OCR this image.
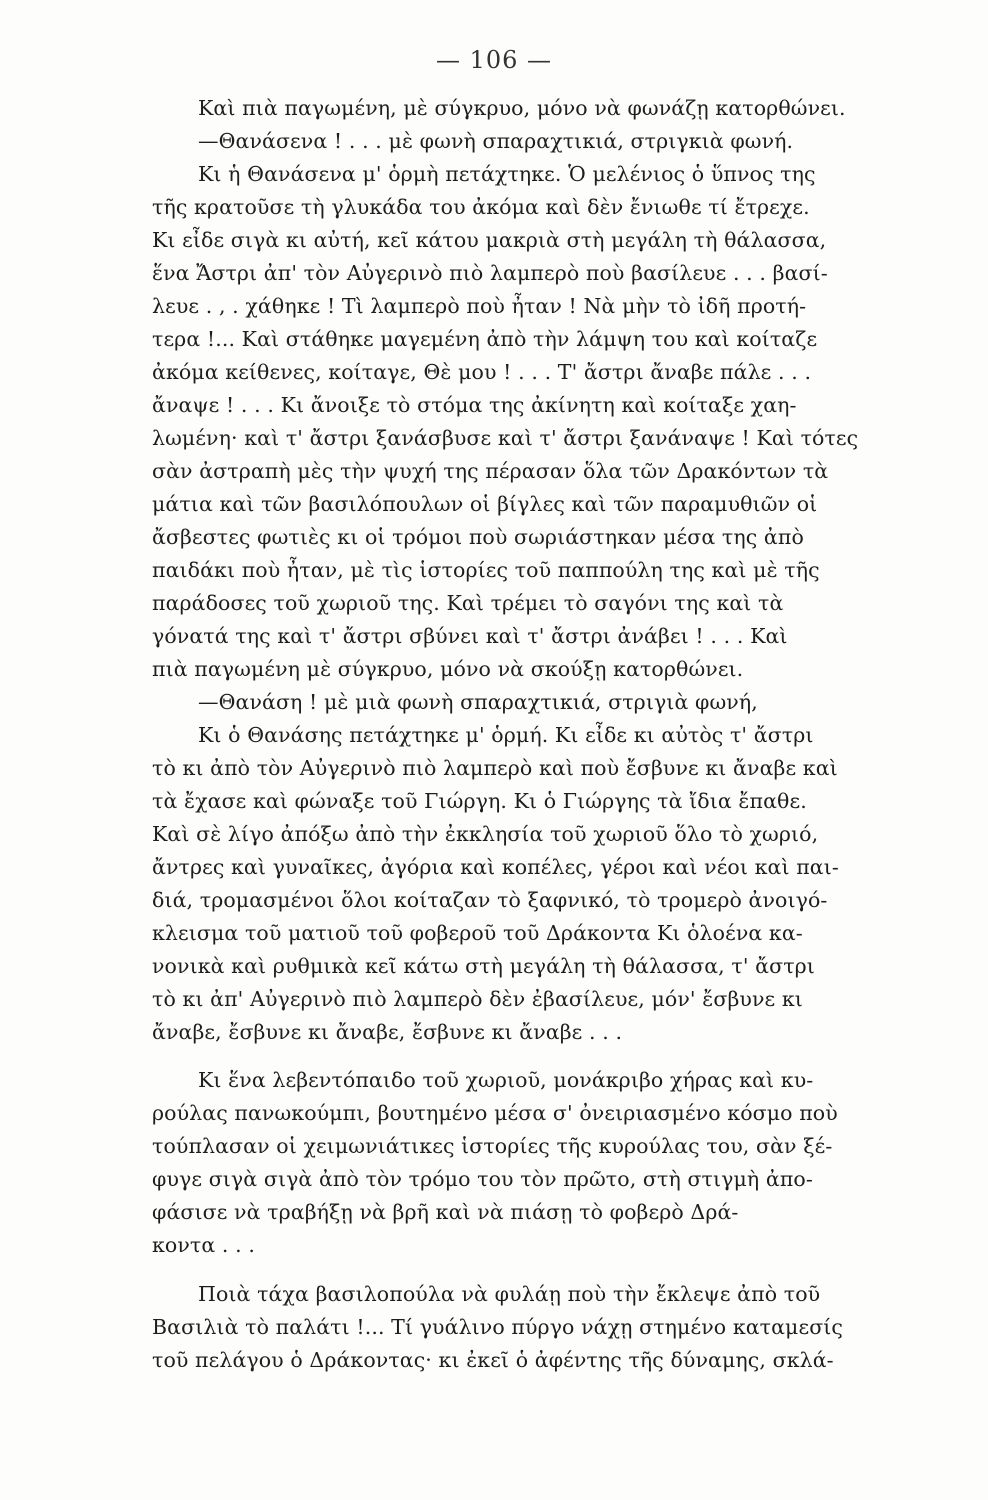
— 106 —
Καὶ πιὰ παγωμένη, μὲ σύγκρυο, μόνο νὰ φωνάζῃ κατορθώνει.
—Θανάσενα ! . . . μὲ φωνὴ σπαραχτικιά, στριγκιὰ φωνή.
Κι ἡ Θανάσενα μ' ὁρμὴ πετάχτηκε. Ὁ μελένιος ὁ ὕπνος της
τῆς κρατοῦσε τὴ γλυκάδα του ἀκόμα καὶ δὲν ἔνιωθε τί ἔτρεχε.
Κι εἶδε σιγὰ κι αὐτή, κεῖ κάτου μακριὰ στὴ μεγάλη τὴ θάλασσα,
ἕνα Ἄστρι ἀπ' τὸν Αὐγερινὸ πιὸ λαμπερὸ ποὺ βασίλευε . . . βασί-
λευε . , . χάθηκε ! Τὶ λαμπερὸ ποὺ ἦταν ! Νὰ μὴν τὸ ἰδῆ προτή-
τερα !... Καὶ στάθηκε μαγεμένη ἀπὸ τὴν λάμψη του καὶ κοίταζε
ἀκόμα κείθενες, κοίταγε, Θὲ μου ! . . . Τ' ἄστρι ἄναβε πάλε . . .
ἄναψε ! . . . Κι ἄνοιξε τὸ στόμα της ἀκίνητη καὶ κοίταξε χαη-
λωμένη· καὶ τ' ἄστρι ξανάσβυσε καὶ τ' ἄστρι ξανάναψε ! Καὶ τότες
σὰν ἀστραπὴ μὲς τὴν ψυχή της πέρασαν ὅλα τῶν Δρακόντων τὰ
μάτια καὶ τῶν βασιλόπουλων οἱ βίγλες καὶ τῶν παραμυθιῶν οἱ
ἄσβεστες φωτιὲς κι οἱ τρόμοι ποὺ σωριάστηκαν μέσα της ἀπὸ
παιδάκι ποὺ ἦταν, μὲ τὶς ἱστορίες τοῦ παππούλη της καὶ μὲ τῆς
παράδοσες τοῦ χωριοῦ της. Καὶ τρέμει τὸ σαγόνι της καὶ τὰ
γόνατά της καὶ τ' ἄστρι σβύνει καὶ τ' ἄστρι ἀνάβει ! . . . Καὶ
πιὰ παγωμένη μὲ σύγκρυο, μόνο νὰ σκούξῃ κατορθώνει.
—Θανάση ! μὲ μιὰ φωνὴ σπαραχτικιά, στριγιὰ φωνή,
Κι ὁ Θανάσης πετάχτηκε μ' ὁρμή. Κι εἶδε κι αὐτὸς τ' ἄστρι
τὸ κι ἀπὸ τὸν Αὐγερινὸ πιὸ λαμπερὸ καὶ ποὺ ἔσβυνε κι ἄναβε καὶ
τὰ ἔχασε καὶ φώναξε τοῦ Γιώργη. Κι ὁ Γιώργης τὰ ἴδια ἔπαθε.
Καὶ σὲ λίγο ἀπόξω ἀπὸ τὴν ἐκκλησία τοῦ χωριοῦ ὅλο τὸ χωριό,
ἄντρες καὶ γυναῖκες, ἀγόρια καὶ κοπέλες, γέροι καὶ νέοι καὶ παι-
διά, τρομασμένοι ὅλοι κοίταζαν τὸ ξαφνικό, τὸ τρομερὸ ἀνοιγό-
κλεισμα τοῦ ματιοῦ τοῦ φοβεροῦ τοῦ Δράκοντα Κι ὁλοένα κα-
νονικὰ καὶ ρυθμικὰ κεῖ κάτω στὴ μεγάλη τὴ θάλασσα, τ' ἄστρι
τὸ κι ἀπ' Αὐγερινὸ πιὸ λαμπερὸ δὲν ἐβασίλευε, μόν' ἔσβυνε κι
ἄναβε, ἔσβυνε κι ἄναβε, ἔσβυνε κι ἄναβε . . .
Κι ἕνα λεβεντόπαιδο τοῦ χωριοῦ, μονάκριβο χήρας καὶ κυ-
ρούλας πανωκούμπι, βουτημένο μέσα σ' ὀνειριασμένο κόσμο ποὺ
τούπλασαν οἱ χειμωνιάτικες ἱστορίες τῆς κυρούλας του, σὰν ξέ-
φυγε σιγὰ σιγὰ ἀπὸ τὸν τρόμο του τὸν πρῶτο, στὴ στιγμὴ ἀπο-
φάσισε νὰ τραβήξῃ νὰ βρῆ καὶ νὰ πιάσῃ τὸ φοβερὸ Δρά-
κοντα . . .
Ποιὰ τάχα βασιλοπούλα νὰ φυλάῃ ποὺ τὴν ἔκλεψε ἀπὸ τοῦ
Βασιλιὰ τὸ παλάτι !... Τί γυάλινο πύργο νάχῃ στημένο καταμεσίς
τοῦ πελάγου ὁ Δράκοντας· κι ἐκεῖ ὁ ἀφέντης τῆς δύναμης, σκλά-
